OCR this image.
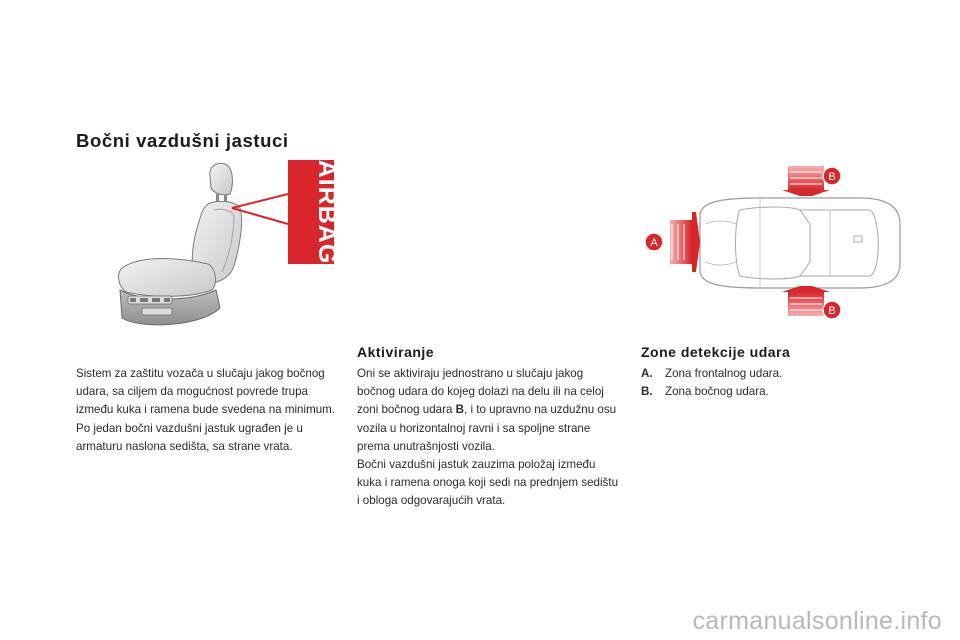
Bočni vazdušni jastuci
AIRBAG	A
B
B

Sistem za zaštitu vozača u slučaju jakog bočnog udara, sa ciljem da mogućnost povrede trupa između kuka i ramena bude svedena na minimum.

Po jedan bočni vazdušni jastuk ugrađen je u armaturu naslona sedišta, sa strane vrata.

Aktiviranje

Oni se aktiviraju jednostrano u slučaju jakog bočnog udara do kojeg dolazi na delu ili na celoj zoni bočnog udara B, i to upravno na uzdužnu osu vozila u horizontalnoj ravni i sa spoljne strane prema unutrašnjosti vozila.

Bočni vazdušni jastuk zauzima položaj između kuka i ramena onoga koji sedi na prednjem sedištu i obloga odgovarajućih vrata.

Zone detekcije udara
A.	Zona frontalnog udara.
B.	Zona bočnog udara.
carmanualsonline.info
